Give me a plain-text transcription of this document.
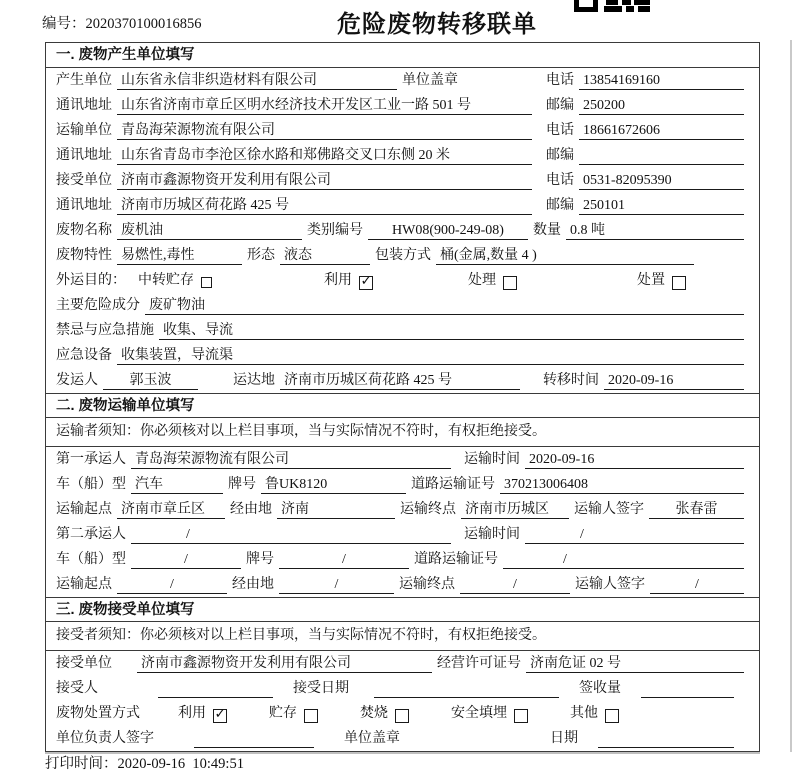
编号：2020370100016856	危险废物转移联单
一. 废物产生单位填写
产生单位 山东省永信非织造材料有限公司	单位盖章	电话 13854169160
通讯地址 山东省济南市章丘区明水经济技术开发区工业一路 501 号	邮编 250200
运输单位 青岛海荣源物流有限公司	电话 18661672606
通讯地址 山东省青岛市李沧区徐水路和郑佛路交叉口东侧 20 米	邮编
接受单位 济南市鑫源物资开发利用有限公司	电话 0531-82095390
通讯地址 济南市历城区荷花路 425 号	邮编 250101
废物名称 废机油	类别编号	HW08(900-249-08)	数量 0.8 吨
废物特性 易燃性,毒性	形态 液态	包装方式 桶(金属,数量 4 )
外运目的： 中转贮存	利用 ✓	处理	处置
主要危险成分 废矿物油
禁忌与应急措施 收集、导流
应急设备 收集装置，导流渠
发运人	郭玉波	运达地 济南市历城区荷花路 425 号	转移时间 2020-09-16
二. 废物运输单位填写
运输者须知：你必须核对以上栏目事项，当与实际情况不符时，有权拒绝接受。
第一承运人 青岛海荣源物流有限公司	运输时间 2020-09-16
车（船）型 汽车	牌号 鲁UK8120	道路运输证号 370213006408
运输起点 济南市章丘区	经由地 济南	运输终点 济南市历城区	运输人签字	张春雷
第二承运人	/	运输时间	/
车（船）型	/	牌号	/	道路运输证号	/
运输起点	/	经由地	/	运输终点	/	运输人签字	/
三. 废物接受单位填写
接受者须知：你必须核对以上栏目事项，当与实际情况不符时，有权拒绝接受。
接受单位 济南市鑫源物资开发利用有限公司	经营许可证号 济南危证 02 号
接受人	接受日期	签收量
废物处置方式	利用 ✓	贮存	焚烧	安全填埋	其他
单位负责人签字	单位盖章	日期
打印时间：2020-09-16  10:49:51
